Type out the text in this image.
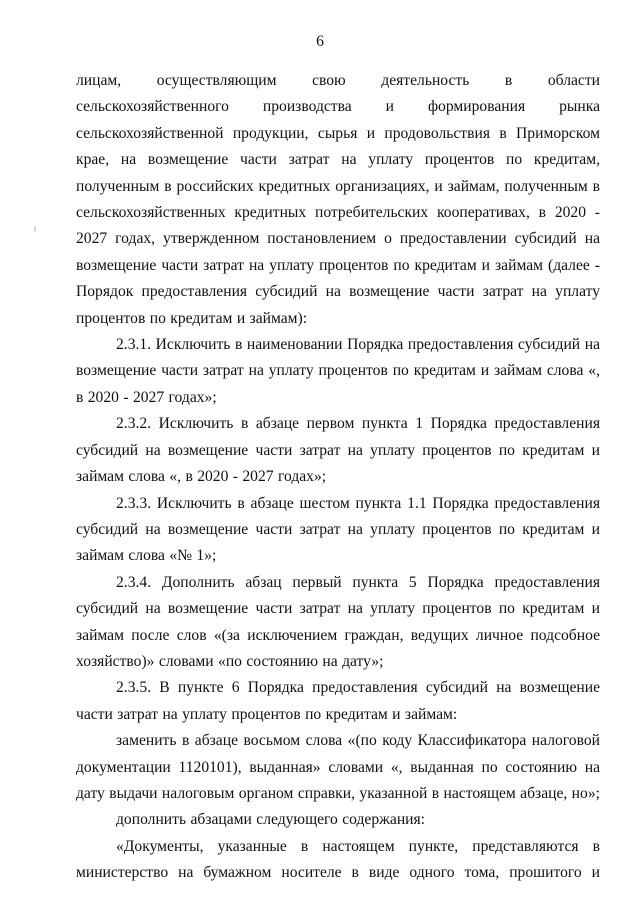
6

лицам, осуществляющим свою деятельность в области сельскохозяйственного производства и формирования рынка сельскохозяйственной продукции, сырья и продовольствия в Приморском крае, на возмещение части затрат на уплату процентов по кредитам, полученным в российских кредитных организациях, и займам, полученным в сельскохозяйственных кредитных потребительских кооперативах, в 2020 - 2027 годах, утвержденном постановлением о предоставлении субсидий на возмещение части затрат на уплату процентов по кредитам и займам (далее - Порядок предоставления субсидий на возмещение части затрат на уплату процентов по кредитам и займам):

2.3.1. Исключить в наименовании Порядка предоставления субсидий на возмещение части затрат на уплату процентов по кредитам и займам слова «, в 2020 - 2027 годах»;

2.3.2. Исключить в абзаце первом пункта 1 Порядка предоставления субсидий на возмещение части затрат на уплату процентов по кредитам и займам слова «, в 2020 - 2027 годах»;

2.3.3. Исключить в абзаце шестом пункта 1.1 Порядка предоставления субсидий на возмещение части затрат на уплату процентов по кредитам и займам слова «№ 1»;

2.3.4. Дополнить абзац первый пункта 5 Порядка предоставления субсидий на возмещение части затрат на уплату процентов по кредитам и займам после слов «(за исключением граждан, ведущих личное подсобное хозяйство)» словами «по состоянию на дату»;

2.3.5. В пункте 6 Порядка предоставления субсидий на возмещение части затрат на уплату процентов по кредитам и займам:

заменить в абзаце восьмом слова «(по коду Классификатора налоговой документации 1120101), выданная» словами «, выданная по состоянию на дату выдачи налоговым органом справки, указанной в настоящем абзаце, но»;

дополнить абзацами следующего содержания:

«Документы, указанные в настоящем пункте, представляются в министерство на бумажном носителе в виде одного тома, прошитого и
